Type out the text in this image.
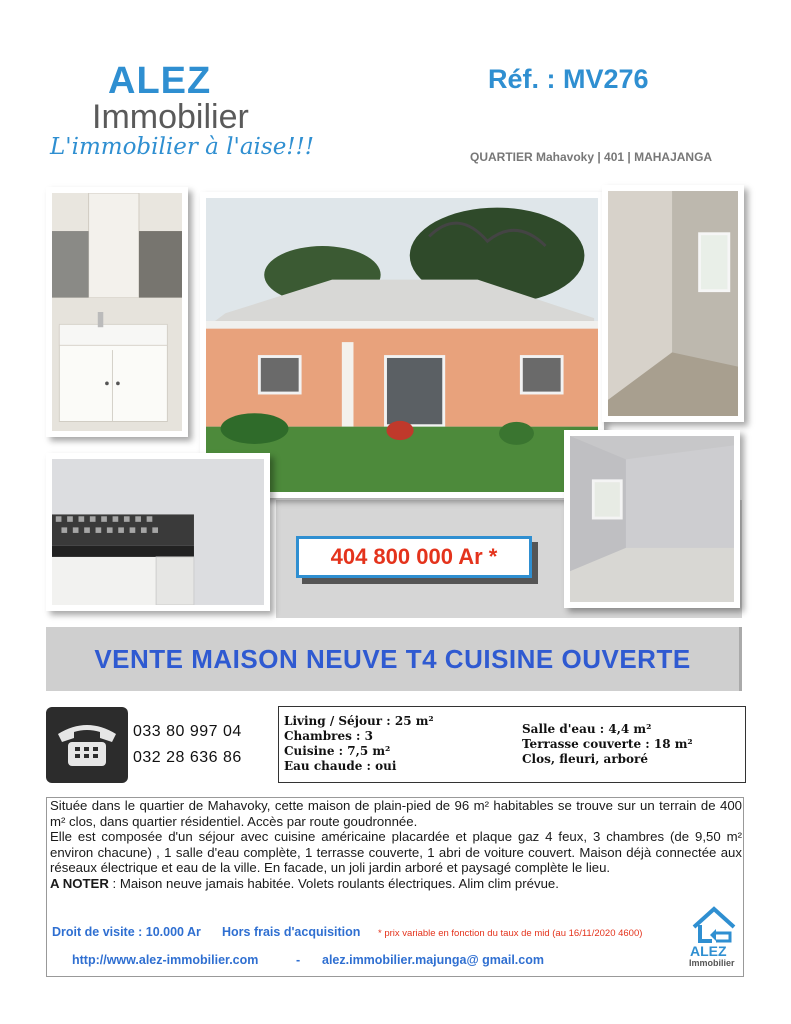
ALEZ
Immobilier
L'immobilier à l'aise!!!
Réf. : MV276
QUARTIER Mahavoky | 401 | MAHAJANGA
404 800 000 Ar *
VENTE MAISON NEUVE T4 CUISINE OUVERTE
033 80 997 04
032 28 636 86
Living / Séjour : 25 m²
Chambres : 3
Cuisine : 7,5 m²
Eau chaude : oui
Salle d'eau : 4,4 m²
Terrasse couverte : 18 m²
Clos, fleuri, arboré

Située dans le quartier de Mahavoky, cette maison de plain-pied de 96 m² habitables se trouve sur un terrain de 400 m² clos, dans quartier résidentiel. Accès par route goudronnée.

Elle est composée d'un séjour avec cuisine américaine placardée et plaque gaz 4 feux, 3 chambres (de 9,50 m² environ chacune) , 1 salle d'eau complète, 1 terrasse couverte, 1 abri de voiture couvert. Maison déjà connectée aux réseaux électrique et eau de la ville. En facade, un joli jardin arboré et paysagé complète le lieu.

A NOTER : Maison neuve jamais habitée. Volets roulants électriques. Alim clim prévue.

Droit de visite : 10.000 Ar Hors frais d'acquisition * prix variable en fonction du taux de mid (au 16/11/2020 4600)
http://www.alez-immobilier.com	- alez.immobilier.majunga@ gmail.com
ALEZ
Immobilier
